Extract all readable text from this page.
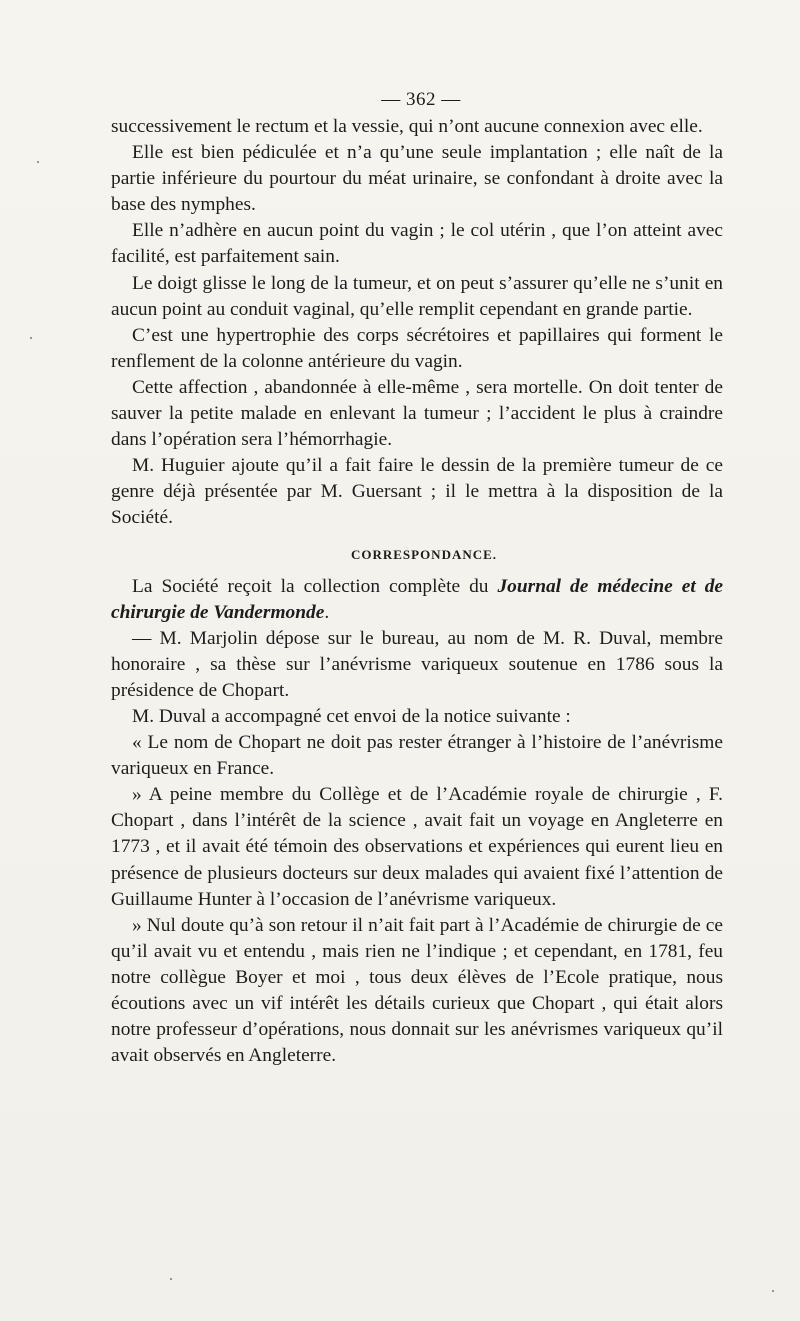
— 362 —

successivement le rectum et la vessie, qui n’ont aucune connexion avec elle.

Elle est bien pédiculée et n’a qu’une seule implantation ; elle naît de la partie inférieure du pourtour du méat urinaire, se confondant à droite avec la base des nymphes.

Elle n’adhère en aucun point du vagin ; le col utérin , que l’on atteint avec facilité, est parfaitement sain.

Le doigt glisse le long de la tumeur, et on peut s’assurer qu’elle ne s’unit en aucun point au conduit vaginal, qu’elle remplit cependant en grande partie.

C’est une hypertrophie des corps sécrétoires et papillaires qui forment le renflement de la colonne antérieure du vagin.

Cette affection , abandonnée à elle-même , sera mortelle. On doit tenter de sauver la petite malade en enlevant la tumeur ; l’accident le plus à craindre dans l’opération sera l’hémorrhagie.

M. Huguier ajoute qu’il a fait faire le dessin de la première tumeur de ce genre déjà présentée par M. Guersant ; il le mettra à la disposition de la Société.

CORRESPONDANCE.

La Société reçoit la collection complète du Journal de médecine et de chirurgie de Vandermonde.

— M. Marjolin dépose sur le bureau, au nom de M. R. Duval, membre honoraire , sa thèse sur l’anévrisme variqueux soutenue en 1786 sous la présidence de Chopart.

M. Duval a accompagné cet envoi de la notice suivante :

« Le nom de Chopart ne doit pas rester étranger à l’histoire de l’anévrisme variqueux en France.

» A peine membre du Collège et de l’Académie royale de chirurgie , F. Chopart , dans l’intérêt de la science , avait fait un voyage en Angleterre en 1773 , et il avait été témoin des observations et expériences qui eurent lieu en présence de plusieurs docteurs sur deux malades qui avaient fixé l’attention de Guillaume Hunter à l’occasion de l’anévrisme variqueux.

» Nul doute qu’à son retour il n’ait fait part à l’Académie de chirurgie de ce qu’il avait vu et entendu , mais rien ne l’indique ; et cependant, en 1781, feu notre collègue Boyer et moi , tous deux élèves de l’Ecole pratique, nous écoutions avec un vif intérêt les détails curieux que Chopart , qui était alors notre professeur d’opérations, nous donnait sur les anévrismes variqueux qu’il avait observés en Angleterre.
